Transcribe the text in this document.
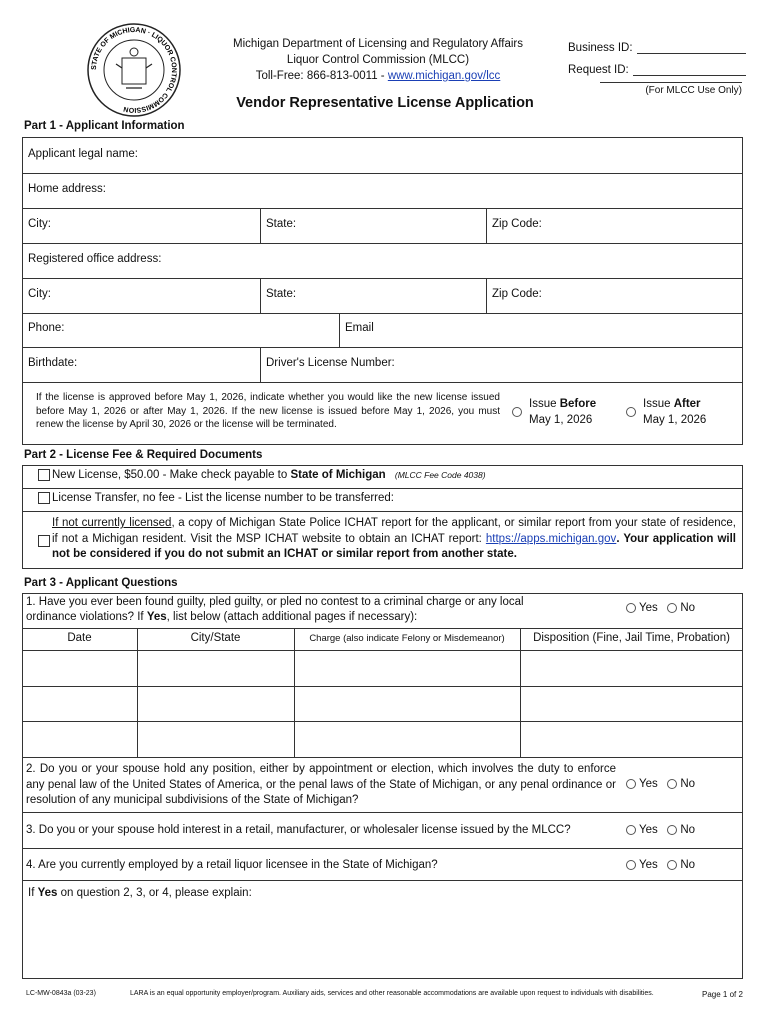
STATE OF MICHIGAN · LIQUOR CONTROL COMMISSION
Michigan Department of Licensing and Regulatory Affairs
Liquor Control Commission (MLCC)
Toll-Free: 866-813-0011 - www.michigan.gov/lcc
Business ID:
Request ID:
(For MLCC Use Only)
Vendor Representative License Application
Part 1 - Applicant Information
Applicant legal name:
Home address:
City:	State:	Zip Code:
Registered office address:
City:	State:	Zip Code:
Phone:	Email
Birthdate:	Driver's License Number:
If the license is approved before May 1, 2026, indicate whether you would like the new license issued before May 1, 2026 or after May 1, 2026. If the new license is issued before May 1, 2026, you must renew the license by April 30, 2026 or the license will be terminated.
Issue Before
May 1, 2026
Issue After
May 1, 2026
Part 2 - License Fee & Required Documents
New License, $50.00 - Make check payable to State of Michigan (MLCC Fee Code 4038)
License Transfer, no fee - List the license number to be transferred:
If not currently licensed, a copy of Michigan State Police ICHAT report for the applicant, or similar report from your state of residence, if not a Michigan resident. Visit the MSP ICHAT website to obtain an ICHAT report: https://apps.michigan.gov. Your application will not be considered if you do not submit an ICHAT or similar report from another state.
Part 3 - Applicant Questions
1. Have you ever been found guilty, pled guilty, or pled no contest to a criminal charge or any local ordinance violations? If Yes, list below (attach additional pages if necessary):
Yes No
Date	City/State	Charge (also indicate Felony or Misdemeanor)	Disposition (Fine, Jail Time, Probation)
2. Do you or your spouse hold any position, either by appointment or election, which involves the duty to enforce any penal law of the United States of America, or the penal laws of the State of Michigan, or any penal ordinance or resolution of any municipal subdivisions of the State of Michigan?
Yes No
3. Do you or your spouse hold interest in a retail, manufacturer, or wholesaler license issued by the MLCC?	Yes No
4. Are you currently employed by a retail liquor licensee in the State of Michigan?	Yes No
If Yes on question 2, 3, or 4, please explain:
LC-MW-0843a (03-23)	LARA is an equal opportunity employer/program. Auxiliary aids, services and other reasonable accommodations are available upon request to individuals with disabilities.	Page 1 of 2
